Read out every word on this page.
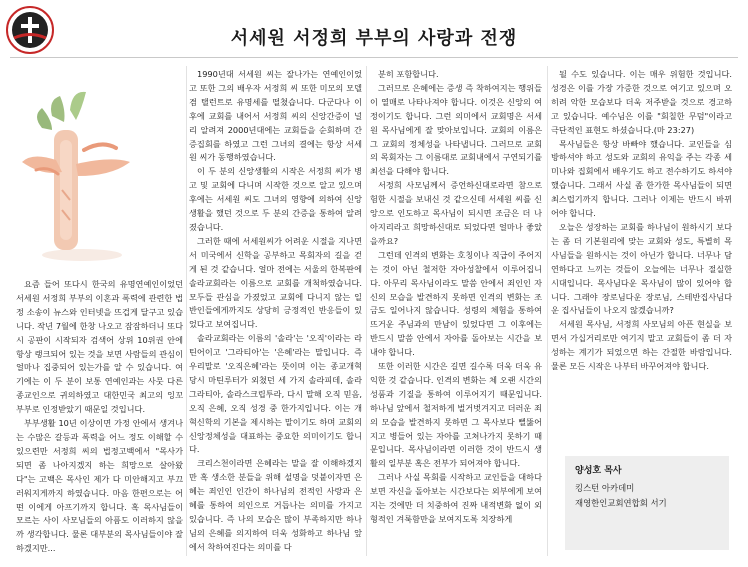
서세원 서정희 부부의 사랑과 전쟁

요즘 들어 또다시 한국의 유명연예인이었던 서세원 서정희 부부의 이혼과 폭력에 관련한 법정 소송이 뉴스와 인터넷을 뜨겁게 달구고 있습니다. 작년 7월에 한창 나오고 잠잠하더니 또다시 공판이 시작되자 검색어 상위 10위권 안에 항상 랭크되어 있는 것을 보면 사람들의 관심이 얼마나 집중되어 있는가를 알 수 있습니다. 여기에는 이 두 분이 보통 연예인과는 사뭇 다른 종교인으로 귀의하였고 대한민국 최고의 잉꼬부부로 인정받았기 때문일 것입니다.

부부생활 10년 이상이면 가정 안에서 생겨나는 수많은 갈등과 폭력을 어느 정도 이해할 수 있으련만 서정희 씨의 법정고백에서 "목사가 되면 좀 나아지겠지 하는 희망으로 살아왔다"는 고백은 목사인 제가 다 미안해지고 부끄러워지게까지 하였습니다. 마음 한편으로는 어떤 이에게 아프기까지 합니다. 혹 목사님들이 모르는 사이 사모님들의 아픔도 이러하지 않을까 생각합니다. 물론 대부분의 목사님들이야 잘하겠지만...

1990년대 서세원 씨는 잘나가는 연예인이었고 또한 그의 배우자 서정희 씨 또한 미모의 모델 겸 탤런트로 유명세를 떨쳤습니다. 다군다나 이후에 교회를 내어서 서정희 씨의 신앙간증이 널리 알려져 2000년대에는 교회들을 순회하며 간증집회를 하였고 그런 그녀의 결에는 항상 서세원 씨가 동행하였습니다.

이 두 분의 신앙생활의 시작은 서정희 씨가 병고 및 교회에 다니며 시작한 것으로 알고 있으며 후에는 서세원 씨도 그녀의 영향에 의하여 신앙생활을 했던 것으로 두 분의 간증을 통하여 알려졌습니다.

그러한 때에 서세원씨가 어려운 시절을 지나면서 미국에서 신학을 공부하고 목회자의 길을 걷게 된 것 같습니다. 얼마 전에는 서울의 한복판에 솔라교회라는 이름으로 교회를 개척하였습니다. 모두들 관심을 가졌었고 교회에 다니지 않는 일반인들에게까지도 상당히 긍정적인 반응들이 있었다고 보여집니다.

솔라교회라는 이름의 '솔라'는 '오직'이라는 라틴어이고 '그라티아'는 '은혜'라는 말입니다. 즉 우리말로 '오직은혜'라는 뜻이며 이는 종교개혁 당시 마틴루터가 외쳤던 세 가지 솔라피데, 솔라그라티아, 솔라스크립투라, 다시 말해 오직 믿음, 오직 은혜, 오직 성경 중 한가지입니다. 이는 개혁신학의 기본을 제시하는 말이기도 하며 교회의 신앙정체성을 대표하는 중요한 의미이기도 합니다.

크리스천이라면 은혜라는 말을 잘 이해하겠지만 혹 생소한 분들을 위해 설명을 덧붙이자면 은혜는 죄인인 인간이 하나님의 전적인 사랑과 은혜를 통하여 의인으로 거듭나는 의미를 가지고 있습니다. 즉 나의 모습은 많이 부족하지만 하나님의 은혜를 의지하여 더욱 성화하고 하나님 앞에서 착하여진다는 의미를 다

분히 포함합니다.

그러므로 은혜에는 증생 즉 착하여지는 행위들이 열매로 나타나져야 합니다. 이것은 신앙의 여정이기도 합니다. 그런 의미에서 교회명은 서세원 목사님에게 잘 맞아보입니다. 교회의 이름은 그 교회의 정체성을 나타냅니다. 그러므로 교회의 목회자는 그 이름대로 교회내에서 구연되기를 최선을 다해야 합니다.

서정희 사모님께서 증언하신대로라면 참으로 험한 시절을 보내신 것 같으신데 서세원 씨를 신앙으로 인도하고 목사님이 되시면 조금은 더 나아지리라고 희망하신대로 되었다면 얼마나 좋았을까요?

그런데 인격의 변화는 호칭이나 직급이 주어지는 것이 아닌 철저한 자아성찰에서 이루어집니다. 아무리 목사님이라도 말씀 안에서 죄인인 자신의 모습을 발견하지 못하면 인격의 변화는 조금도 일어나지 않습니다. 성령의 체험을 통하여 뜨거운 주님과의 만남이 있었다면 그 이후에는 반드시 말씀 안에서 자아를 돌아보는 시간을 보내야 합니다.

또한 이러한 시간은 길면 길수록 더욱 더욱 유익한 것 같습니다. 인격의 변화는 체 오랜 시간의 성품과 기질을 통하여 이루어지기 때문입니다. 하나님 앞에서 철저하게 벌거벗겨지고 더러운 죄의 모습을 발견하지 못하면 그 목사보다 뻘뚫어지고 병들어 있는 자아를 고쳐나가지 못하기 때문입니다. 목사님이라면 이러한 것이 반드시 생활의 일부분 혹은 전부가 되어져야 합니다.

그러나 사실 목회를 시작하고 교인들을 대하다 보면 자신을 돌아보는 시간보다는 외부에게 보여지는 것에만 더 치중하여 진짜 내적변화 없이 외형적인 겨룩함만을 보여지도록 치장하게

될 수도 있습니다. 이는 매우 위험한 것입니다. 성경은 이를 가장 가증한 것으로 여기고 있으며 오히려 악한 모습보다 더욱 저주받을 것으로 경고하고 있습니다. 예수님은 이를 "회칠한 무덤"이라고 극단적인 표현도 하셨습니다.(마 23:27)

목사님들은 항상 바빠야 했습니다. 교인들을 심방하셔야 하고 성도와 교회의 유익을 주는 각종 세미나와 집회에서 배우기도 하고 전수하기도 하셔야 했습니다. 그래서 사실 좀 한가한 목사님들이 되면 최스럽기까지 합니다. 그러나 이제는 반드시 바뀌어야 합니다.

오늘은 성장하는 교회를 하나님이 원하시기 보다는 좀 더 기본원리에 맞는 교회와 성도, 특별히 목사님들을 원하시는 것이 아닌가 합니다. 너무나 담연하다고 느끼는 것들이 오늘에는 너무나 절실한 시대입니다. 목사님다운 목사님이 많이 있어야 합니다. 그래야 장로님다운 장로님, 스테반집사님다운 집사님들이 나오지 않겠습니까?

서세원 목사님, 서정희 사모님의 아픈 현실을 보면서 가십거리로만 여기지 말고 교회들이 좀 더 자성하는 계기가 되었으면 하는 간절한 바람입니다. 물론 모든 시작은 나부터 바꾸어져야 합니다.

양성호 목사
킹스턴 아카데미
재영한인교회연합회 서기
